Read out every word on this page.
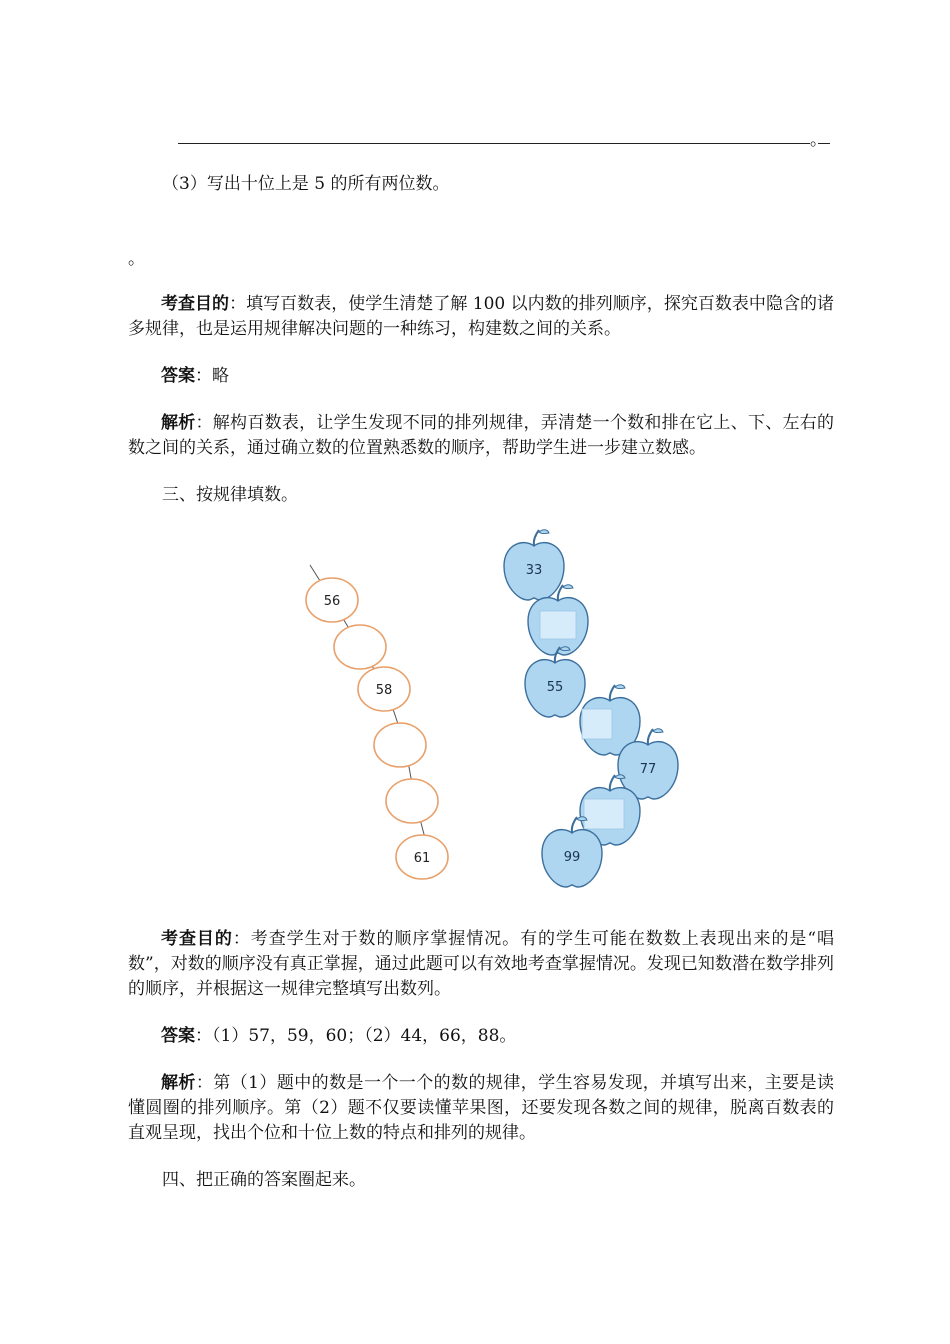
。
（3）写出十位上是 5 的所有两位数。
。
考查目的：填写百数表，使学生清楚了解 100 以内数的排列顺序，探究百数表中隐含的诸多规律，也是运用规律解决问题的一种练习，构建数之间的关系。
答案：略
解析：解构百数表，让学生发现不同的排列规律，弄清楚一个数和排在它上、下、左右的数之间的关系，通过确立数的位置熟悉数的顺序，帮助学生进一步建立数感。
三、按规律填数。
56
58
61
33
55
77
99
考查目的：考查学生对于数的顺序掌握情况。有的学生可能在数数上表现出来的是“唱数”，对数的顺序没有真正掌握，通过此题可以有效地考查掌握情况。发现已知数潜在数学排列的顺序，并根据这一规律完整填写出数列。
答案：（1）57，59，60；（2）44，66，88。
解析：第（1）题中的数是一个一个的数的规律，学生容易发现，并填写出来，主要是读懂圆圈的排列顺序。第（2）题不仅要读懂苹果图，还要发现各数之间的规律，脱离百数表的直观呈现，找出个位和十位上数的特点和排列的规律。
四、把正确的答案圈起来。
